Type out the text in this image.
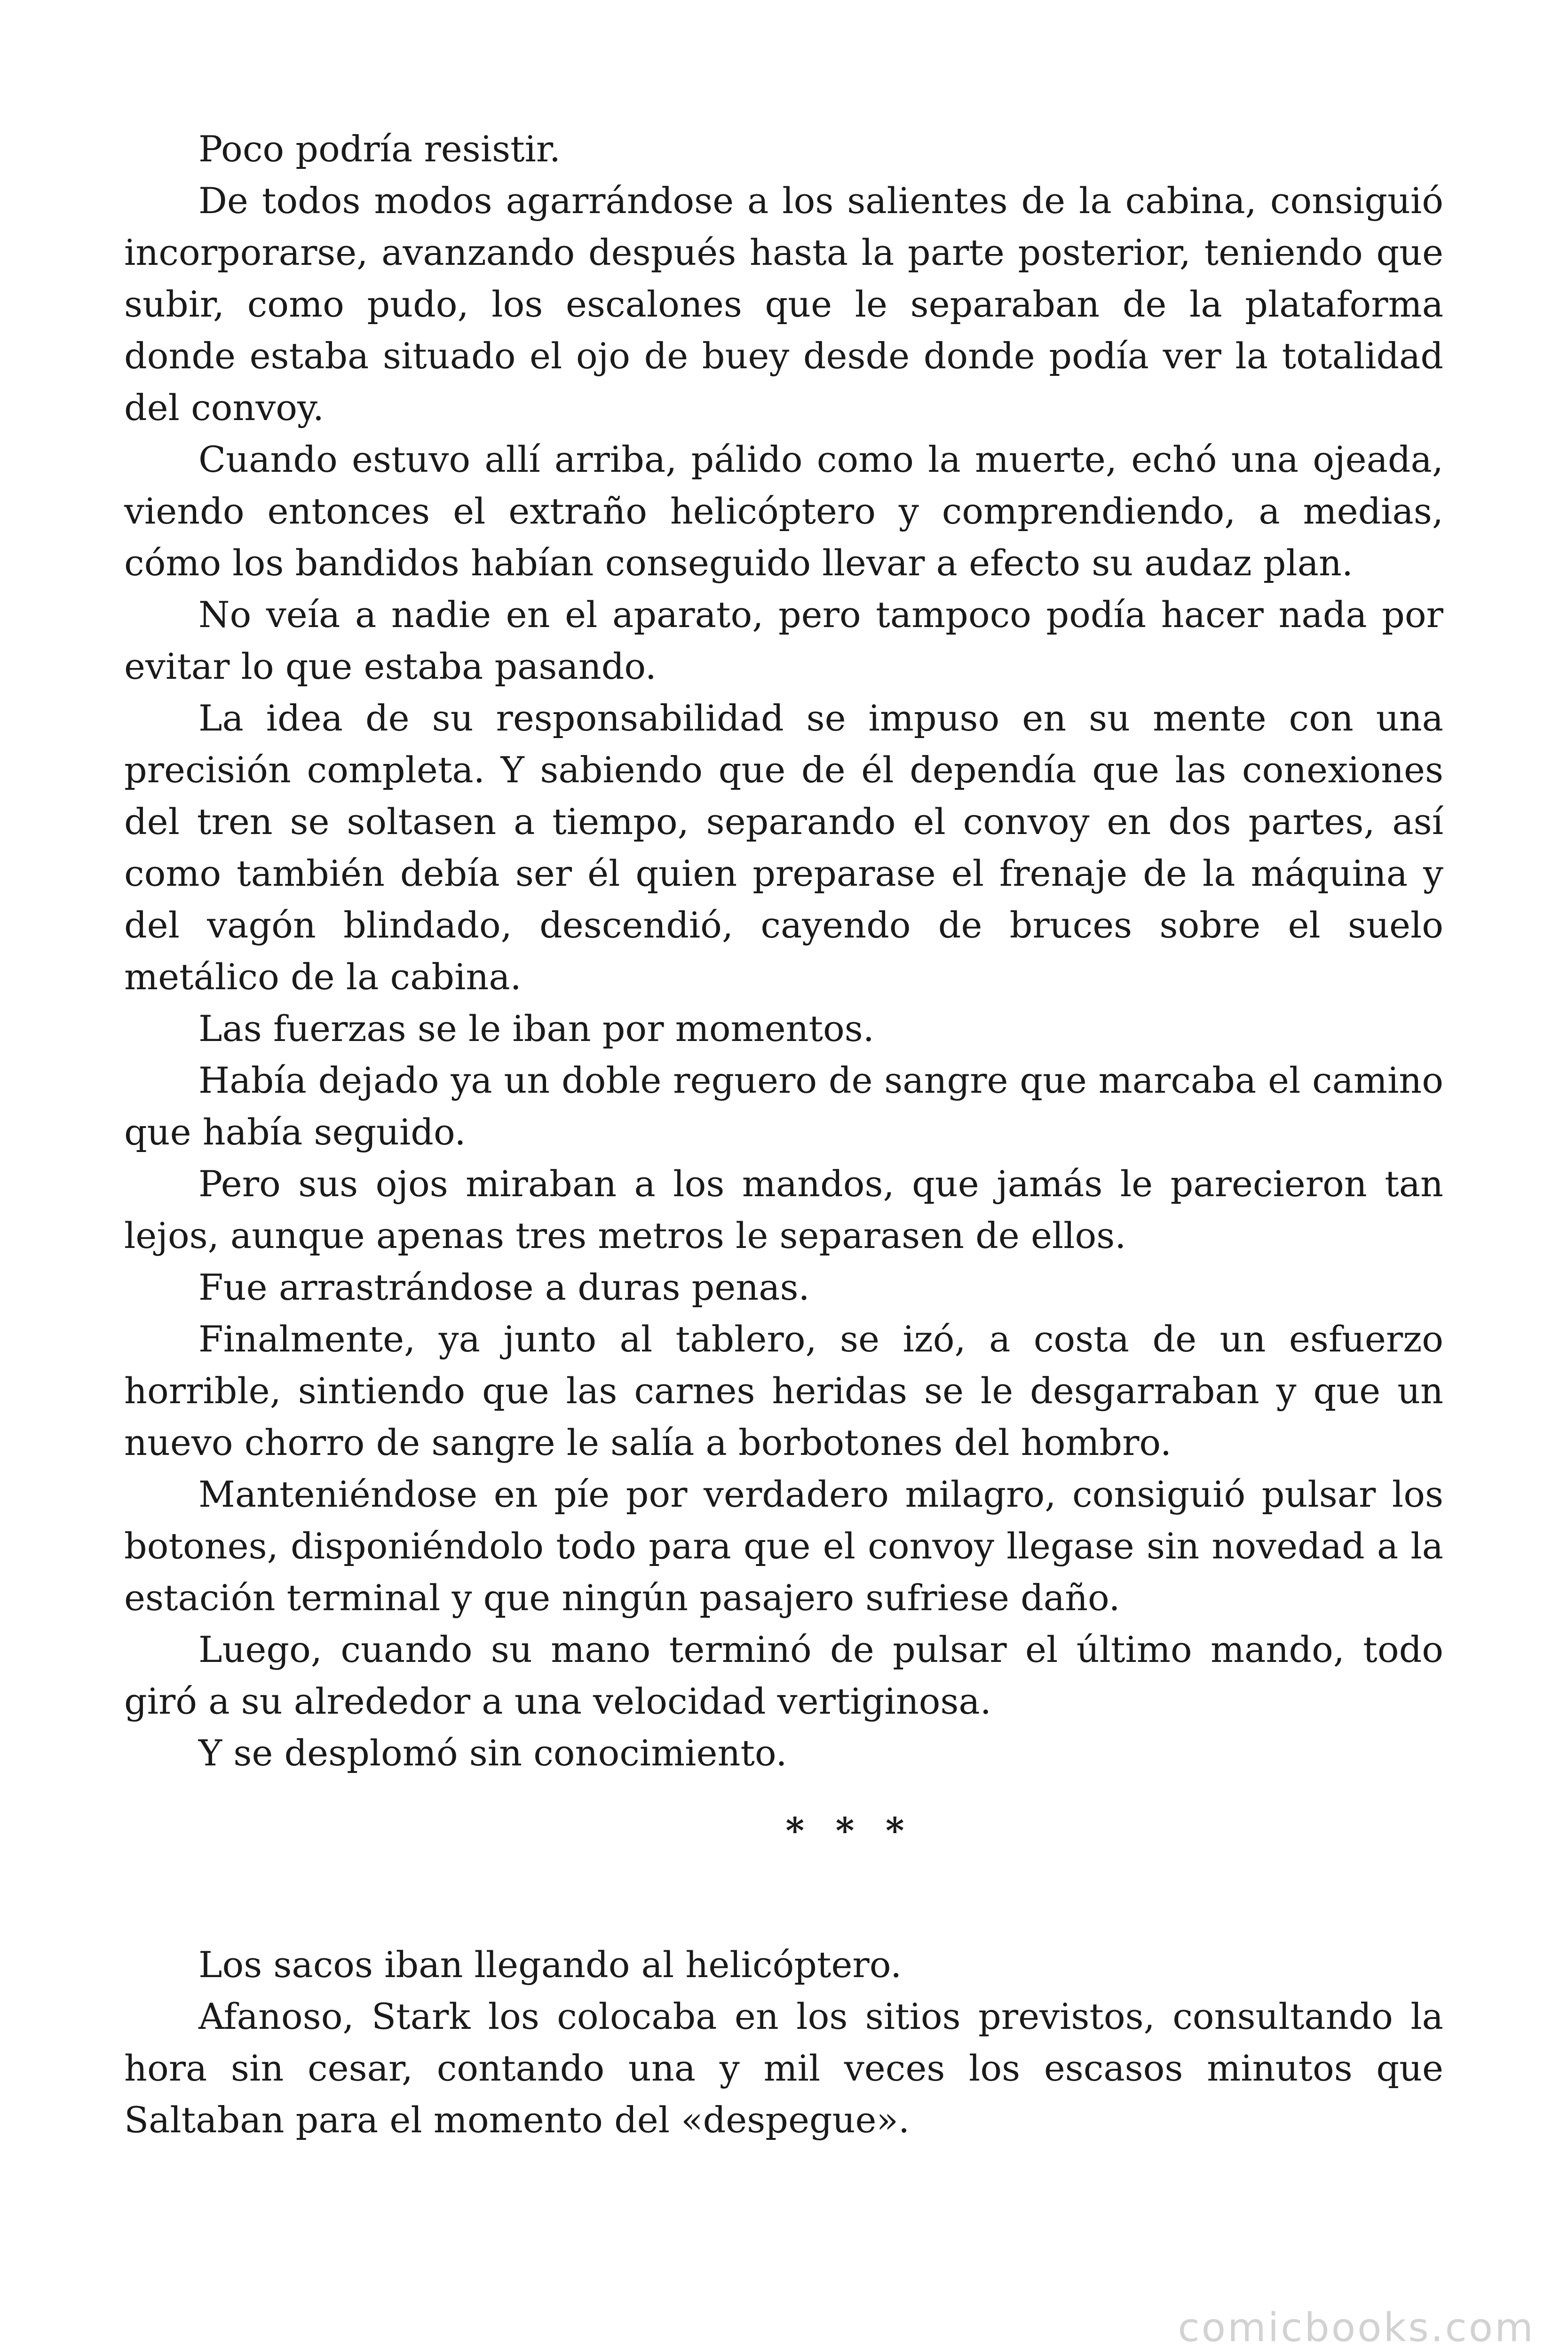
Poco podría resistir.

De todos modos agarrándose a los salientes de la cabina, consiguió incorporarse, avanzando después hasta la parte posterior, teniendo que subir, como pudo, los escalones que le separaban de la plataforma donde estaba situado el ojo de buey desde donde podía ver la totalidad del convoy.

Cuando estuvo allí arriba, pálido como la muerte, echó una ojeada, viendo entonces el extraño helicóptero y comprendiendo, a medias, cómo los bandidos habían conseguido llevar a efecto su audaz plan.

No veía a nadie en el aparato, pero tampoco podía hacer nada por evitar lo que estaba pasando.

La idea de su responsabilidad se impuso en su mente con una precisión completa. Y sabiendo que de él dependía que las conexiones del tren se soltasen a tiempo, separando el convoy en dos partes, así como también debía ser él quien preparase el frenaje de la máquina y del vagón blindado, descendió, cayendo de bruces sobre el suelo metálico de la cabina.

Las fuerzas se le iban por momentos.

Había dejado ya un doble reguero de sangre que marcaba el camino que había seguido.

Pero sus ojos miraban a los mandos, que jamás le parecieron tan lejos, aunque apenas tres metros le separasen de ellos.

Fue arrastrándose a duras penas.

Finalmente, ya junto al tablero, se izó, a costa de un esfuerzo horrible, sintiendo que las carnes heridas se le desgarraban y que un nuevo chorro de sangre le salía a borbotones del hombro.

Manteniéndose en píe por verdadero milagro, consiguió pulsar los botones, disponiéndolo todo para que el convoy llegase sin novedad a la estación terminal y que ningún pasajero sufriese daño.

Luego, cuando su mano terminó de pulsar el último mando, todo giró a su alrededor a una velocidad vertiginosa.

Y se desplomó sin conocimiento.

* * *

Los sacos iban llegando al helicóptero.

Afanoso, Stark los colocaba en los sitios previstos, consultando la hora sin cesar, contando una y mil veces los escasos minutos que Saltaban para el momento del «despegue».

comicbooks.com
